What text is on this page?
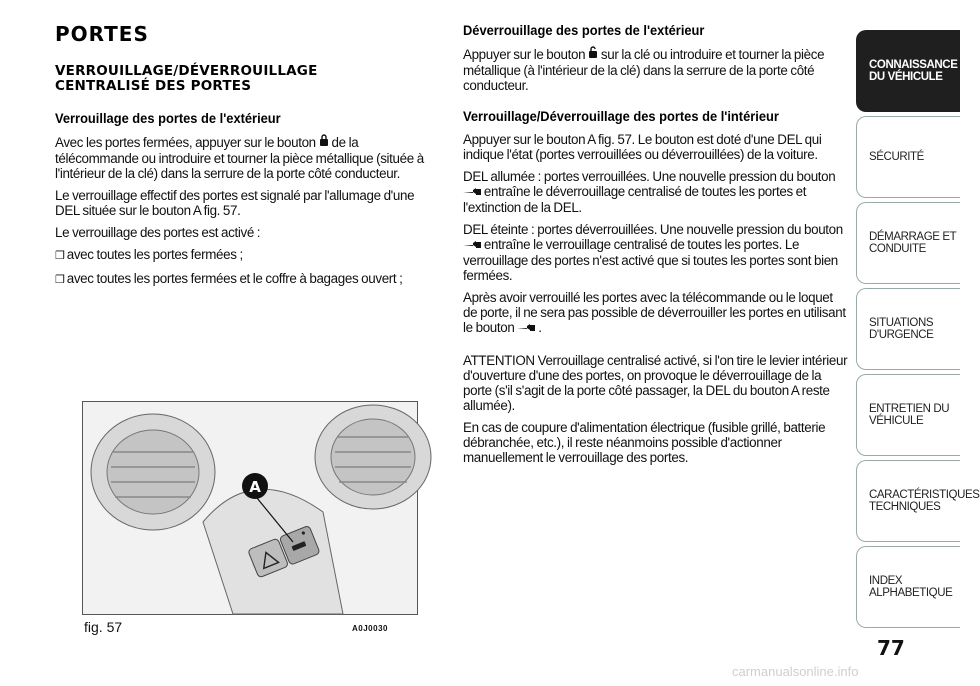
PORTES
VERROUILLAGE/DÉVERROUILLAGE
CENTRALISÉ DES PORTES
Verrouillage des portes de l'extérieur

Avec les portes fermées, appuyer sur le bouton de la télécommande ou introduire et tourner la pièce métallique (située à l'intérieur de la clé) dans la serrure de la porte côté conducteur.

Le verrouillage effectif des portes est signalé par l'allumage d'une DEL située sur le bouton A fig. 57.

Le verrouillage des portes est activé :

❒ avec toutes les portes fermées ;

❒ avec toutes les portes fermées et le coffre à bagages ouvert ;

A
fig. 57	A0J0030
Déverrouillage des portes de l'extérieur

Appuyer sur le bouton sur la clé ou introduire et tourner la pièce métallique (à l'intérieur de la clé) dans la serrure de la porte côté conducteur.

Verrouillage/Déverrouillage des portes de l'intérieur

Appuyer sur le bouton A fig. 57. Le bouton est doté d'une DEL qui indique l'état (portes verrouillées ou déverrouillées) de la voiture.

DEL allumée : portes verrouillées. Une nouvelle pression du bouton  entraîne le déverrouillage centralisé de toutes les portes et l'extinction de la DEL.

DEL éteinte : portes déverrouillées. Une nouvelle pression du bouton  entraîne le verrouillage centralisé de toutes les portes. Le verrouillage des portes n'est activé que si toutes les portes sont bien fermées.

Après avoir verrouillé les portes avec la télécommande ou le loquet de porte, il ne sera pas possible de déverrouiller les portes en utilisant le bouton .

ATTENTION Verrouillage centralisé activé, si l'on tire le levier intérieur d'ouverture d'une des portes, on provoque le déverrouillage de la porte (s'il s'agit de la porte côté passager, la DEL du bouton A reste allumée).

En cas de coupure d'alimentation électrique (fusible grillé, batterie débranchée, etc.), il reste néanmoins possible d'actionner manuellement le verrouillage des portes.

CONNAISSANCE
DU VÉHICULE
SÉCURITÉ
DÉMARRAGE ET
CONDUITE
SITUATIONS
D'URGENCE
ENTRETIEN DU
VÉHICULE
CARACTÉRISTIQUES
TECHNIQUES
INDEX
ALPHABETIQUE
77
carmanualsonline.info
